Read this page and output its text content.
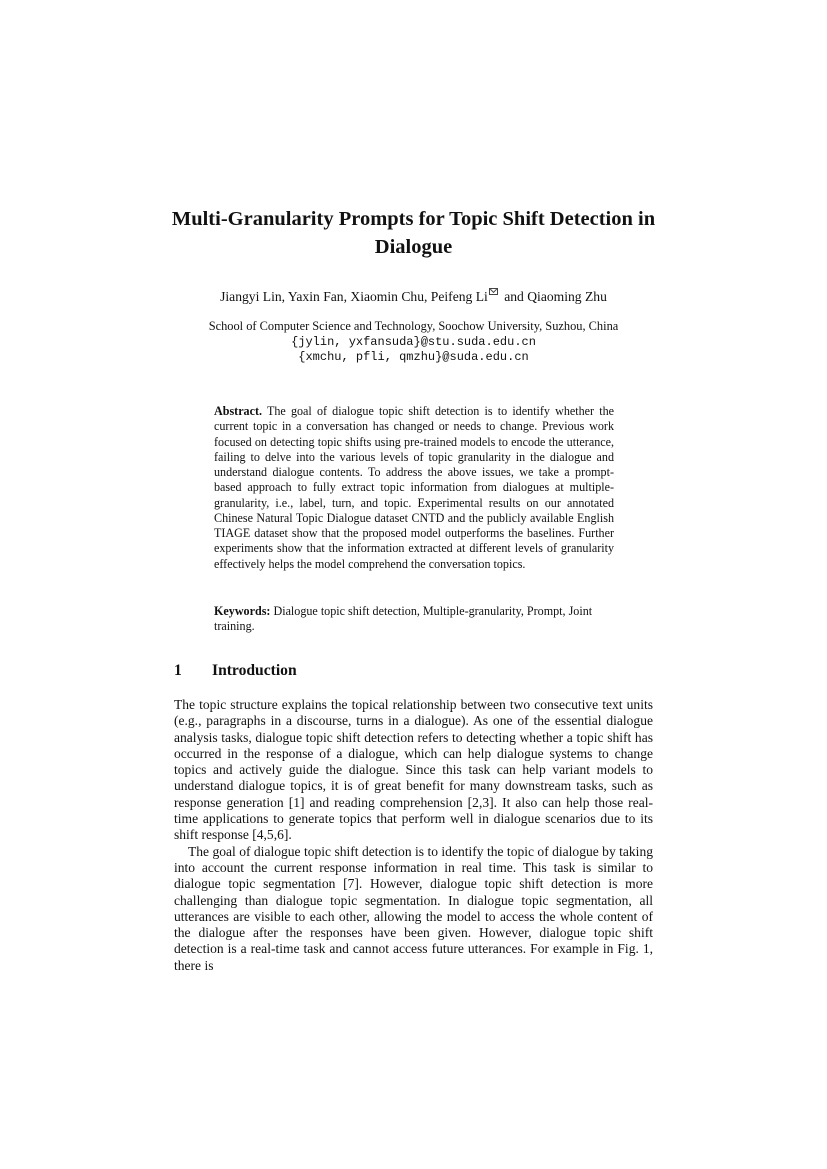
Multi-Granularity Prompts for Topic Shift Detection in Dialogue
Jiangyi Lin, Yaxin Fan, Xiaomin Chu, Peifeng Li and Qiaoming Zhu
School of Computer Science and Technology, Soochow University, Suzhou, China
{jylin, yxfansuda}@stu.suda.edu.cn
{xmchu, pfli, qmzhu}@suda.edu.cn

Abstract. The goal of dialogue topic shift detection is to identify whether the current topic in a conversation has changed or needs to change. Previous work focused on detecting topic shifts using pre-trained models to encode the utterance, failing to delve into the various levels of topic granularity in the dialogue and understand dialogue contents. To address the above issues, we take a prompt-based approach to fully extract topic information from dialogues at multiple-granularity, i.e., label, turn, and topic. Experimental results on our annotated Chinese Natural Topic Dialogue dataset CNTD and the publicly available English TIAGE dataset show that the proposed model outperforms the baselines. Further experiments show that the information extracted at different levels of granularity effectively helps the model comprehend the conversation topics.

Keywords: Dialogue topic shift detection, Multiple-granularity, Prompt, Joint training.

1 Introduction

The topic structure explains the topical relationship between two consecutive text units (e.g., paragraphs in a discourse, turns in a dialogue). As one of the essential dialogue analysis tasks, dialogue topic shift detection refers to detecting whether a topic shift has occurred in the response of a dialogue, which can help dialogue systems to change topics and actively guide the dialogue. Since this task can help variant models to understand dialogue topics, it is of great benefit for many downstream tasks, such as response generation [1] and reading comprehension [2,3]. It also can help those real-time applications to generate topics that perform well in dialogue scenarios due to its shift response [4,5,6].

The goal of dialogue topic shift detection is to identify the topic of dialogue by taking into account the current response information in real time. This task is similar to dialogue topic segmentation [7]. However, dialogue topic shift detection is more challenging than dialogue topic segmentation. In dialogue topic segmentation, all utterances are visible to each other, allowing the model to access the whole content of the dialogue after the responses have been given. However, dialogue topic shift detection is a real-time task and cannot access future utterances. For example in Fig. 1, there is
